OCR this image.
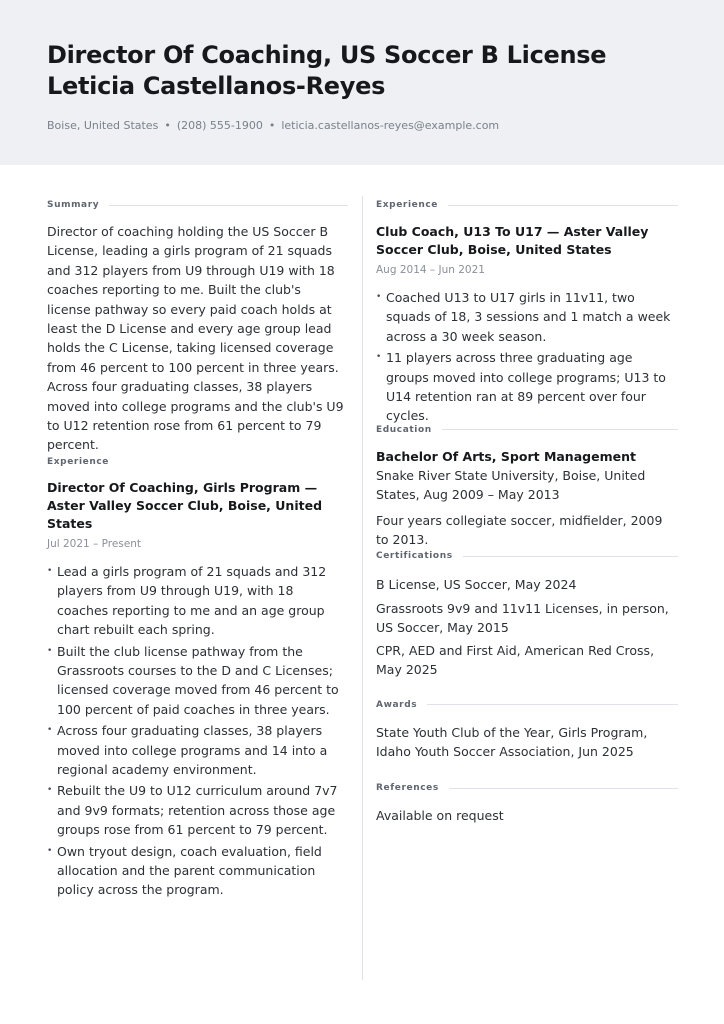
Director Of Coaching, US Soccer B License
Leticia Castellanos-Reyes
Boise, United States • (208) 555-1900 • leticia.castellanos-reyes@example.com
Summary

Director of coaching holding the US Soccer B License, leading a girls program of 21 squads and 312 players from U9 through U19 with 18 coaches reporting to me. Built the club's license pathway so every paid coach holds at least the D License and every age group lead holds the C License, taking licensed coverage from 46 percent to 100 percent in three years. Across four graduating classes, 38 players moved into college programs and the club's U9 to U12 retention rose from 61 percent to 79 percent.

Experience
Director Of Coaching, Girls Program — Aster Valley Soccer Club, Boise, United States
Jul 2021 – Present
• Lead a girls program of 21 squads and 312 players from U9 through U19, with 18 coaches reporting to me and an age group chart rebuilt each spring.
• Built the club license pathway from the Grassroots courses to the D and C Licenses; licensed coverage moved from 46 percent to 100 percent of paid coaches in three years.
• Across four graduating classes, 38 players moved into college programs and 14 into a regional academy environment.
• Rebuilt the U9 to U12 curriculum around 7v7 and 9v9 formats; retention across those age groups rose from 61 percent to 79 percent.
• Own tryout design, coach evaluation, field allocation and the parent communication policy across the program.
Experience
Club Coach, U13 To U17 — Aster Valley Soccer Club, Boise, United States
Aug 2014 – Jun 2021
• Coached U13 to U17 girls in 11v11, two squads of 18, 3 sessions and 1 match a week across a 30 week season.
• 11 players across three graduating age groups moved into college programs; U13 to U14 retention ran at 89 percent over four cycles.
Education
Bachelor Of Arts, Sport Management
Snake River State University, Boise, United States, Aug 2009 – May 2013
Four years collegiate soccer, midfielder, 2009 to 2013.
Certifications
B License, US Soccer, May 2024
Grassroots 9v9 and 11v11 Licenses, in person, US Soccer, May 2015
CPR, AED and First Aid, American Red Cross, May 2025
Awards
State Youth Club of the Year, Girls Program, Idaho Youth Soccer Association, Jun 2025
References
Available on request
